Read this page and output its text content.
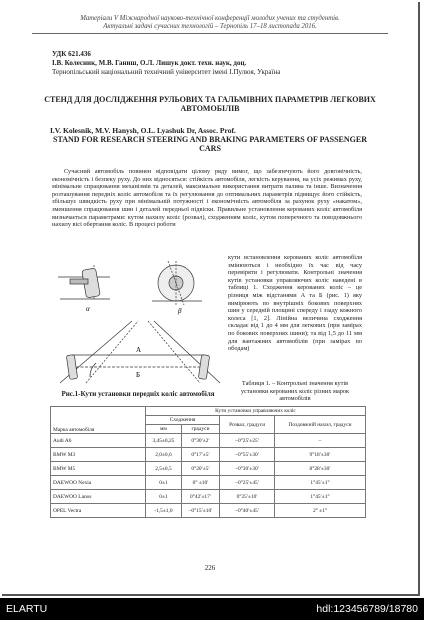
Матеріали V Міжнародної науково-технічної конференції молодих учених та студентів.
Актуальні задачі сучасних технологій – Тернопіль 17–18 листопада 2016.
УДК 621.436
І.В. Колесник, М.В. Ганиш, О.Л. Лишук докт. техн. наук, доц.
Тернопільський національний технічний університет імені І.Пулюя, Україна
СТЕНД ДЛЯ ДОСЛІДЖЕННЯ РУЛЬОВИХ ТА ГАЛЬМІВНИХ ПАРАМЕТРІВ ЛЕГКОВИХ АВТОМОБІЛІВ
I.V. Kolesnik, M.V. Hanysh, O.L. Lyashuk Dr, Assoc. Prof.
STAND FOR RESEARCH STEERING AND BRAKING PARAMETERS OF PASSENGER CARS
Сучасний автомобіль повинен відповідати цілому ряду вимог, що забезпечують його довговічність, економічність і безпеку руху. До них відносяться: стійкість автомобіля, легкість керування, на усіх режимах руху, мінімальне спрацювання механізмів та деталей, максимальне використання витрати палива та інше. Визначення розташування передніх коліс автомобіля та їх регулювання до оптимальних параметрів підвищує його стійкість, збільшує швидкість руху при мінімальній потужності і економічність автомобіля за рахунок руху «накатом», зменшення спрацювання шин і деталей передньої підвіски. Правильне установлення керованих коліс автомобіля визначається параметрами: кутом нахилу коліс (розвал), сходженням коліс, кутом поперечного та повздовжнього нахилу вісі обертання коліс. В процесі роботи
α	β
A
Б
кути встановлення керованих коліс автомобіля змінюються і необхідно їх час від часу перевіряти і регулювати. Контрольні значення кутів установки управляючих коліс наведені в таблиці 1. Сходження керованих коліс – це різниця між відстанями А та Б (рис. 1) яку вимірюють по внутрішніх бокових поверхнях шин у середній площині спереду і ззаду кожного колеса [1, 2]. Лінійна величина сходження складає від 1 до 4 мм для легкових (при замірах по бокових поверхнях шини); та від 1,5 до 11 мм для вантажних автомобілів (при замірах по ободам)
Рис.1-Кути установки передніх коліс автомобіля
Таблиця 1. – Контрольні значення кутів установки керованих коліс різних марок автомобілів
Марка автомобіля	Кути установки управляючих коліс			
	Сходження		Розвал, градуси	Поздовжній нахил, градуси
	мм	градуси		
Audi A6	3,45±0,25	0°30′±2′	–0°25′±25′	–
BMW M3	2,0±0,6	0°17′±5′	–0°55′±30′	9°18′±30′
BMW M5	2,5±0,5	0°20′±5′	–0°30′±30′	8°28′±30′
DAEWOO Nexia	0±1	0° ±10′	–0°25′±45′	1°45′±1°
DAEWOO Lanos	0±1	0°42′±17′	0°25′±10′	1°45′±1°
OPEL Vectra	-1,5±1,0	–0°15′±10′	–0°40′±45′	2° ±1°
226
ELARTU	hdl:123456789/18780
